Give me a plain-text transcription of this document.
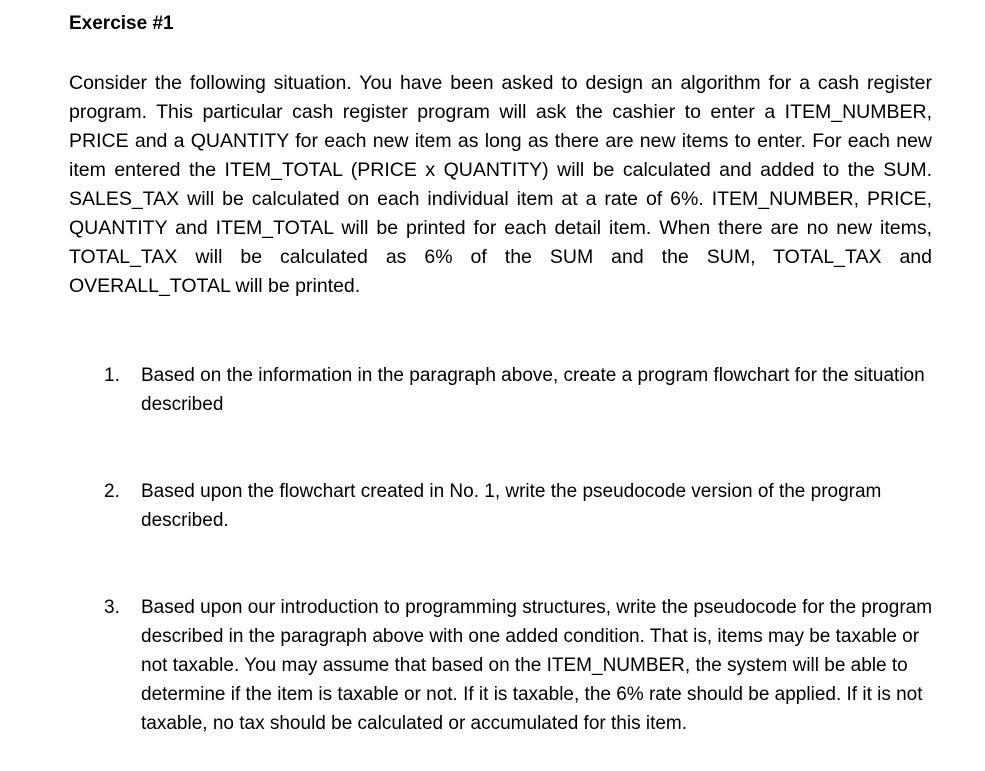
Exercise #1

Consider the following situation. You have been asked to design an algorithm for a cash register program. This particular cash register program will ask the cashier to enter a ITEM_NUMBER, PRICE and a QUANTITY for each new item as long as there are new items to enter. For each new item entered the ITEM_TOTAL (PRICE x QUANTITY) will be calculated and added to the SUM. SALES_TAX will be calculated on each individual item at a rate of 6%. ITEM_NUMBER, PRICE, QUANTITY and ITEM_TOTAL will be printed for each detail item. When there are no new items, TOTAL_TAX will be calculated as 6% of the SUM and the SUM, TOTAL_TAX and OVERALL_TOTAL will be printed.

1.	Based on the information in the paragraph above, create a program flowchart for the situation described
2.	Based upon the flowchart created in No. 1, write the pseudocode version of the program described.
3.	Based upon our introduction to programming structures, write the pseudocode for the program described in the paragraph above with one added condition. That is, items may be taxable or not taxable. You may assume that based on the ITEM_NUMBER, the system will be able to determine if the item is taxable or not. If it is taxable, the 6% rate should be applied. If it is not taxable, no tax should be calculated or accumulated for this item.
